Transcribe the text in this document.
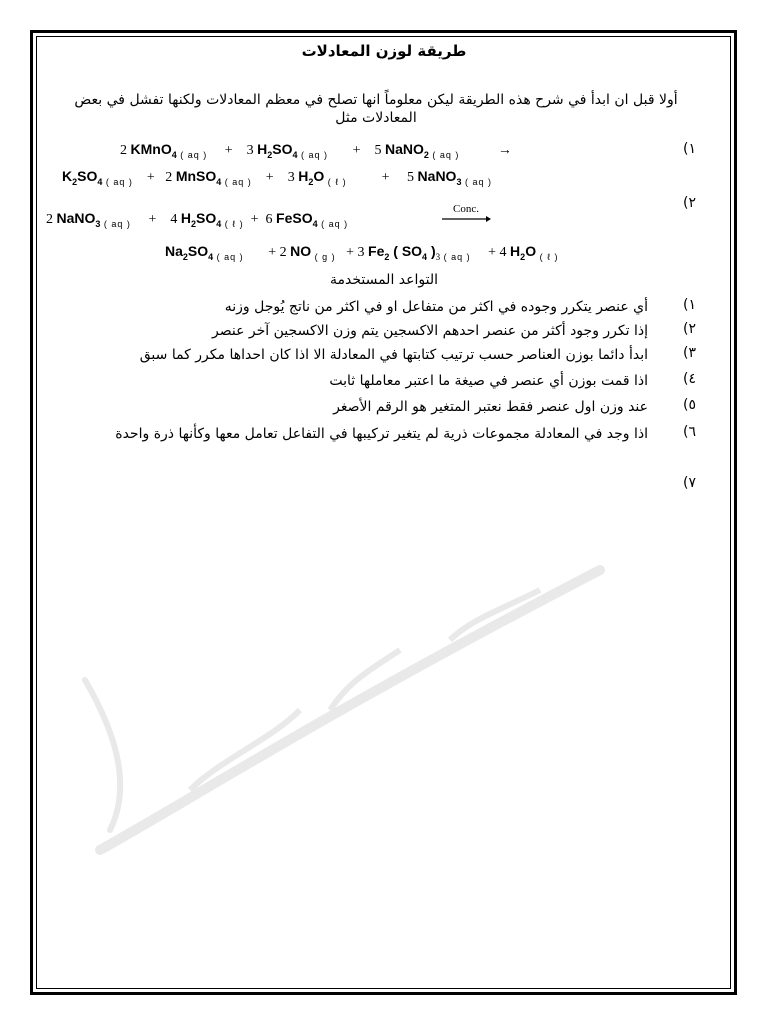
طريقة لوزن المعادلات
أولا قبل ان ابدأ في شرح هذه الطريقة ليكن معلوماً انها تصلح في معظم المعادلات ولكنها تفشل في بعض المعادلات مثل
١)
2 KMnO$_4$ $_{( aq )}$     +    3 $H_2SO_4$ $_{( aq )}$       +    5 NaNO$_2$ $_{( aq )}$           →
$K_2SO_4$ $_{( aq )}$    +   2 MnSO$_4$ $_{( aq )}$    +    3 $H_2O$ $_{( \ell )}$          +     5 NaNO$_3$ $_{( aq )}$
٢)
2 NaNO$_3$ $_{( aq )}$     +    4 $H_2SO_4$ $_{( \ell )}$  +  6 FeSO$_4$ $_{( aq )}$
Conc.
$Na_2SO_4$ $_{( aq )}$       + 2 NO $_{( g )}$   + 3 $Fe_2$ ( $SO_4$ )$_3$ $_{( aq )}$     + 4 $H_2O$ $_{( \ell )}$
التواعد المستخدمة
١)
أي عنصر يتكرر وجوده في اكثر من متفاعل او في اكثر من ناتج يُوجل وزنه
٢)
إذا تكرر وجود أكثر من عنصر احدهم الاكسجين يتم وزن الاكسجين آخر عنصر
٣)
ابدأ دائما بوزن العناصر حسب ترتيب كتابتها في المعادلة الا اذا كان احداها مكرر كما سبق
٤)
اذا قمت بوزن أي عنصر في صيغة ما اعتبر معاملها ثابت
٥)
عند وزن اول عنصر فقط نعتبر المتغير هو الرقم الأصغر
٦)
اذا وجد في المعادلة مجموعات ذرية لم يتغير تركيبها في التفاعل تعامل معها وكأنها ذرة واحدة
٧)
